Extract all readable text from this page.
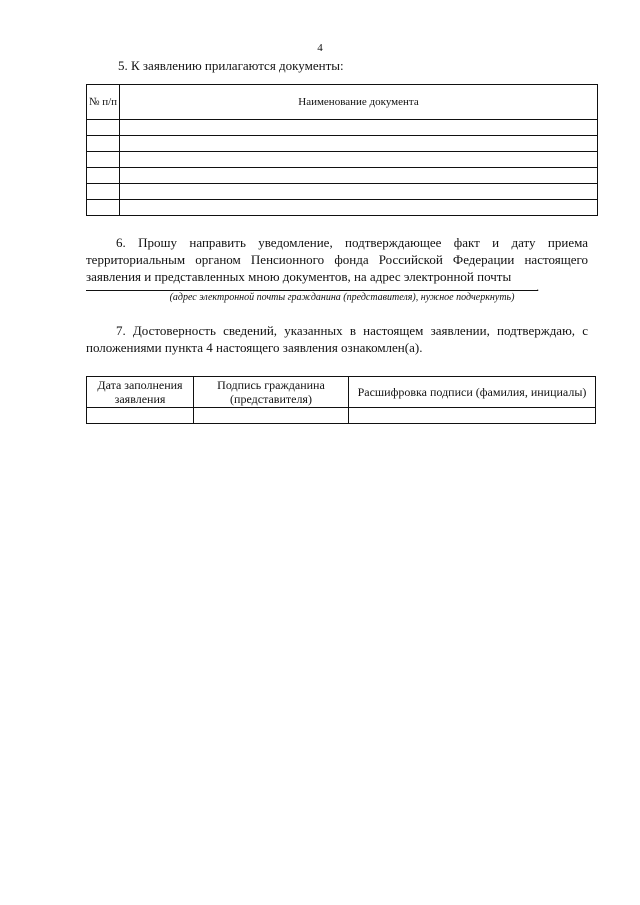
4
5. К заявлению прилагаются документы:
№ п/п	Наименование документа

6. Прошу направить уведомление, подтверждающее факт и дату приема территориальным органом Пенсионного фонда Российской Федерации настоящего заявления и представленных мною документов, на адрес электронной почты
.
(адрес электронной почты гражданина (представителя), нужное подчеркнуть)
7. Достоверность сведений, указанных в настоящем заявлении, подтверждаю, с положениями пункта 4 настоящего заявления ознакомлен(а).
Дата заполнения заявления	Подпись гражданина (представителя)	Расшифровка подписи (фамилия, инициалы)
